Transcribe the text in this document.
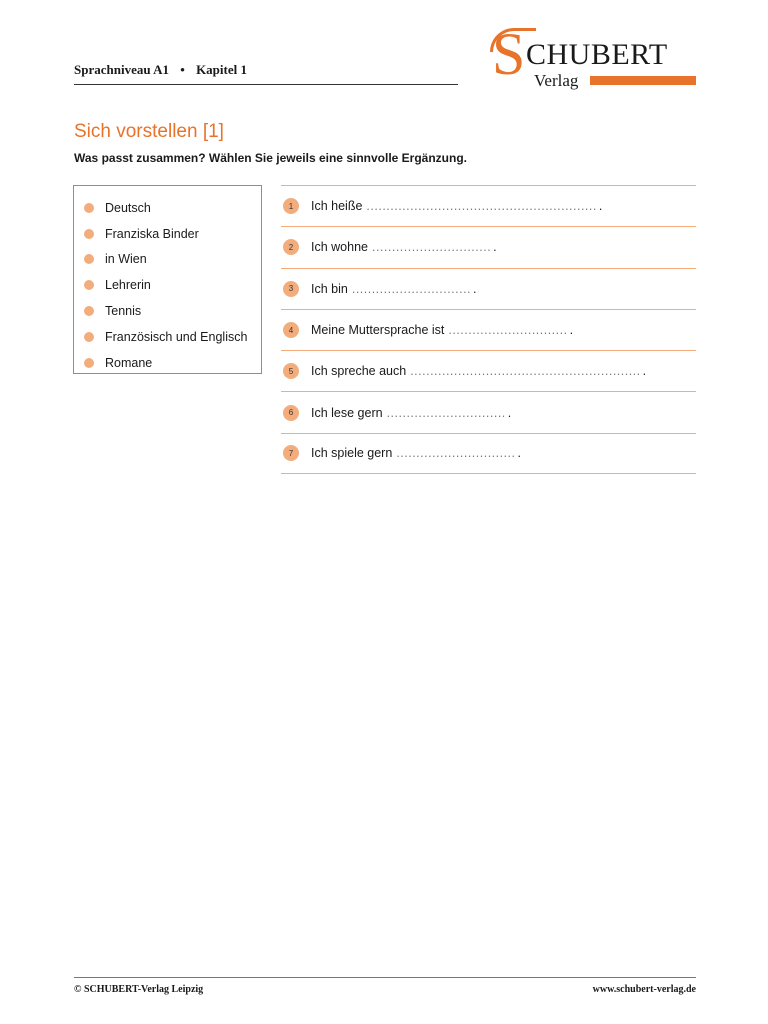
Sprachniveau A1 • Kapitel 1	S CHUBERT
Verlag
Sich vorstellen [1]
Was passt zusammen? Wählen Sie jeweils eine sinnvolle Ergänzung.
Deutsch
Franziska Binder
in Wien
Lehrerin
Tennis
Französisch und Englisch
Romane
1	Ich heiße .......................................................... .
2	Ich wohne .............................. .
3	Ich bin .............................. .
4	Meine Muttersprache ist .............................. .
5	Ich spreche auch .......................................................... .
6	Ich lese gern .............................. .
7	Ich spiele gern .............................. .
© SCHUBERT-Verlag Leipzig	www.schubert-verlag.de
